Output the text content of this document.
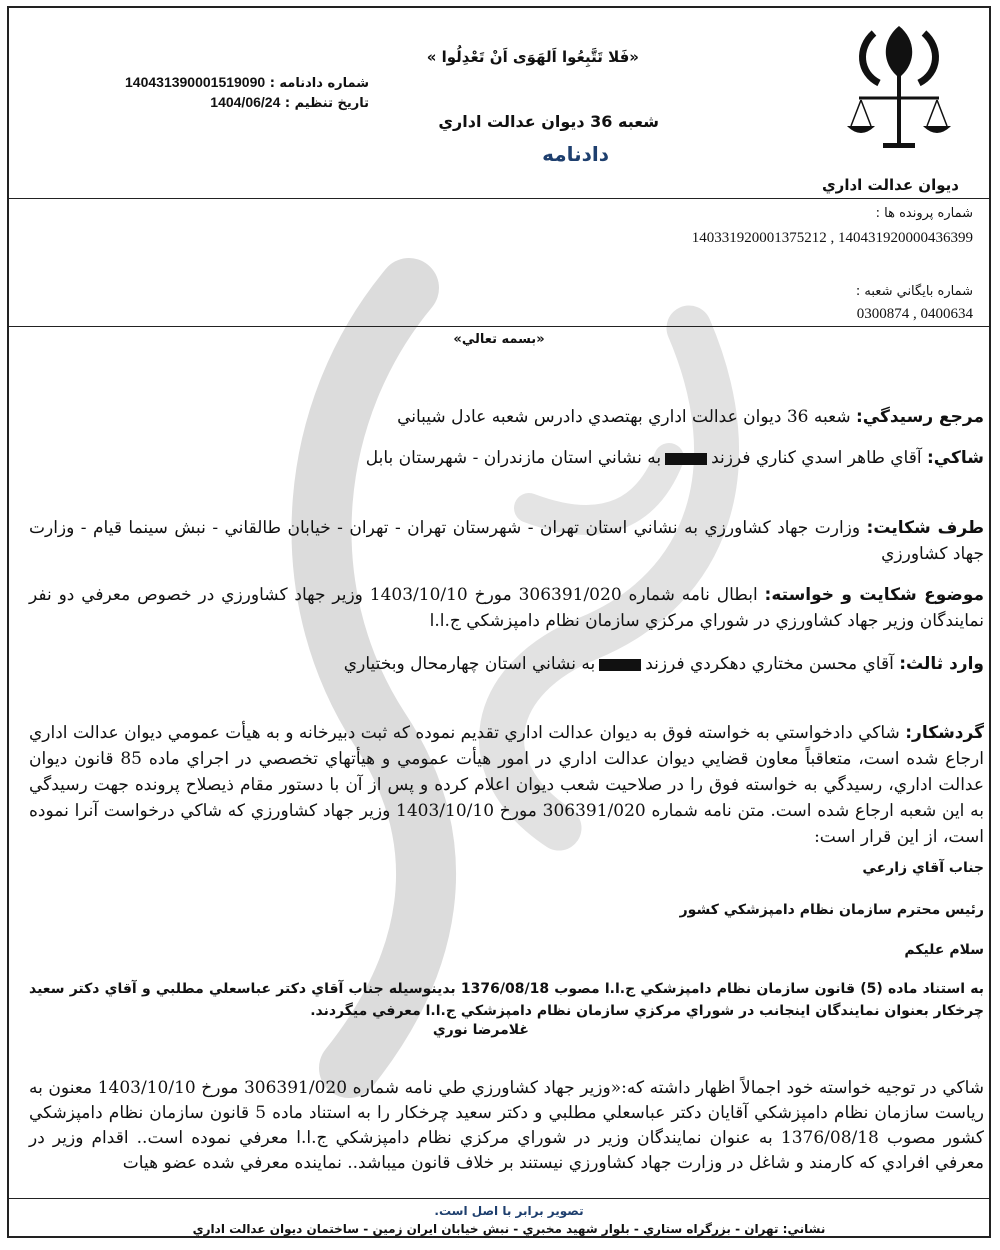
ديوان عدالت اداري
«فَلا تَتَّبِعُوا اَلهَوَى اَنْ تَعْدِلُوا »
شعبه 36 ديوان عدالت اداري
دادنامه
شماره دادنامه : 140431390001519090
تاريخ تنظيم : 1404/06/24
شماره پرونده ها :
140431920000436399 , 140331920001375212
شماره بايگاني شعبه :
0400634 , 0300874
«بسمه تعالي»
مرجع رسيدگي: شعبه 36 ديوان عدالت اداري بهتصدي دادرس شعبه عادل شيباني
شاكي: آقاي طاهر اسدي كناري فرزندبه نشاني استان مازندران - شهرستان بابل
طرف شكايت: وزارت جهاد كشاورزي به نشاني استان تهران - شهرستان تهران - تهران - خيابان طالقاني - نبش سينما قيام - وزارت جهاد كشاورزي
موضوع شكايت و خواسته: ابطال نامه شماره 306391/020 مورخ 1403/10/10 وزير جهاد كشاورزي در خصوص معرفي دو نفر نمايندگان وزير جهاد كشاورزي در شوراي مركزي سازمان نظام دامپزشكي ج.ا.ا
وارد ثالث: آقاي محسن مختاري دهكردي فرزندبه نشاني استان چهارمحال وبختياري
گردشكار: شاكي دادخواستي به خواسته فوق به ديوان عدالت اداري تقديم نموده كه ثبت دبيرخانه و به هيأت عمومي ديوان عدالت اداري ارجاع شده است، متعاقباً معاون قضايي ديوان عدالت اداري در امور هيأت عمومي و هيأتهاي تخصصي در اجراي ماده 85 قانون ديوان عدالت اداري، رسيدگي به خواسته فوق را در صلاحيت شعب ديوان اعلام كرده و پس از آن با دستور مقام ذيصلاح پرونده جهت رسيدگي به اين شعبه ارجاع شده است. متن نامه شماره 306391/020 مورخ 1403/10/10 وزير جهاد كشاورزي كه شاكي درخواست آنرا نموده است، از اين قرار است:
جناب آقاي زارعي
رئيس محترم سازمان نظام دامپزشكي كشور
سلام عليكم
به استناد ماده (5) قانون سازمان نظام دامپزشكي ج.ا.ا مصوب 1376/08/18 بدينوسيله جناب آقاي دكتر عباسعلي مطلبي و آقاي دكتر سعيد چرخكار بعنوان نمايندگان اينجانب در شوراي مركزي سازمان نظام دامپزشكي ج.ا.ا معرفي ميگردند.
غلامرضا نوري
شاكي در توجيه خواسته خود اجمالاً اظهار داشته كه:«وزير جهاد كشاورزي طي نامه شماره 306391/020 مورخ 1403/10/10 معنون به رياست سازمان نظام دامپزشكي آقايان دكتر عباسعلي مطلبي و دكتر سعيد چرخكار را به استناد ماده 5 قانون سازمان نظام دامپزشكي كشور مصوب 1376/08/18 به عنوان نمايندگان وزير در شوراي مركزي نظام دامپزشكي ج.ا.ا معرفي نموده است.. اقدام وزير در معرفي افرادي كه كارمند و شاغل در وزارت جهاد كشاورزي نيستند بر خلاف قانون ميباشد.. نماينده معرفي شده عضو هيات
تصوير برابر با اصل است.
نشاني: تهران - بزرگراه ستاري - بلوار شهيد مخبري - نبش خيابان ايران زمين - ساختمان ديوان عدالت اداري
